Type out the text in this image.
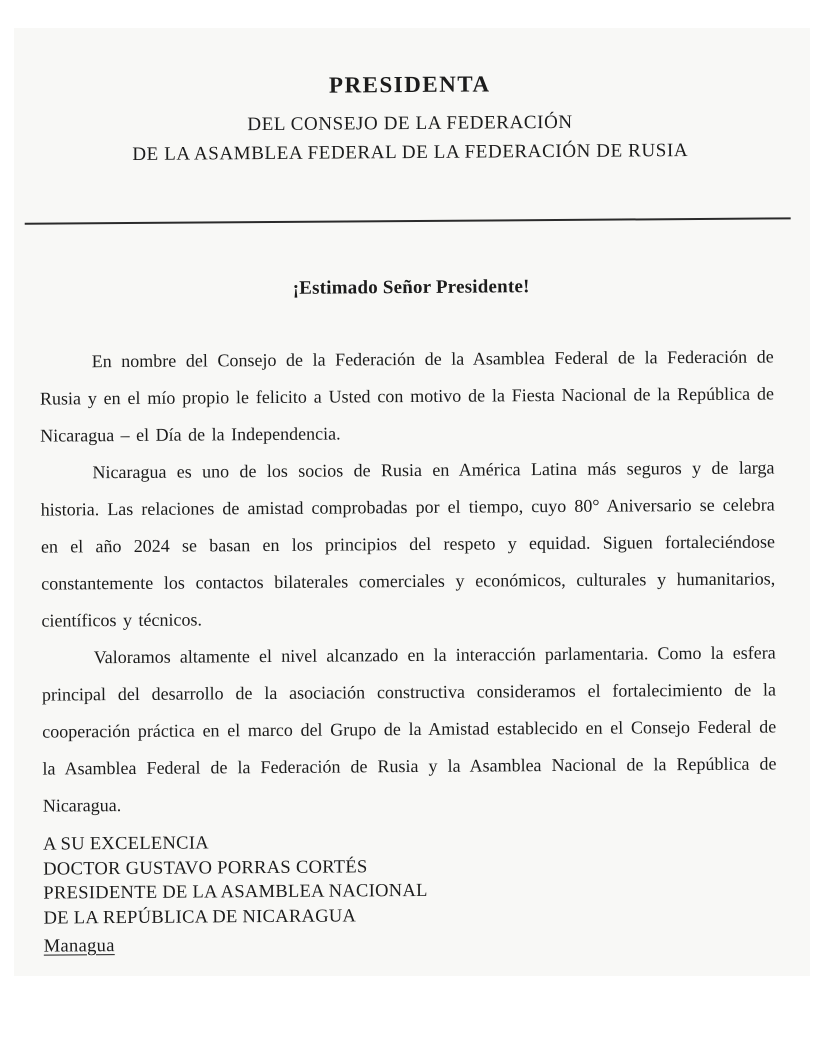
PRESIDENTA
DEL CONSEJO DE LA FEDERACIÓN
DE LA ASAMBLEA FEDERAL DE LA FEDERACIÓN DE RUSIA
¡Estimado Señor Presidente!

En nombre del Consejo de la Federación de la Asamblea Federal de la Federación de Rusia y en el mío propio le felicito a Usted con motivo de la Fiesta Nacional de la República de Nicaragua – el Día de la Independencia.

Nicaragua es uno de los socios de Rusia en América Latina más seguros y de larga historia. Las relaciones de amistad comprobadas por el tiempo, cuyo 80° Aniversario se celebra en el año 2024 se basan en los principios del respeto y equidad. Siguen fortaleciéndose constantemente los contactos bilaterales comerciales y económicos, culturales y humanitarios, científicos y técnicos.

Valoramos altamente el nivel alcanzado en la interacción parlamentaria. Como la esfera principal del desarrollo de la asociación constructiva consideramos el fortalecimiento de la cooperación práctica en el marco del Grupo de la Amistad establecido en el Consejo Federal de la Asamblea Federal de la Federación de Rusia y la Asamblea Nacional de la República de Nicaragua.

A SU EXCELENCIA
DOCTOR GUSTAVO PORRAS CORTÉS
PRESIDENTE DE LA ASAMBLEA NACIONAL
DE LA REPÚBLICA DE NICARAGUA
Managua
